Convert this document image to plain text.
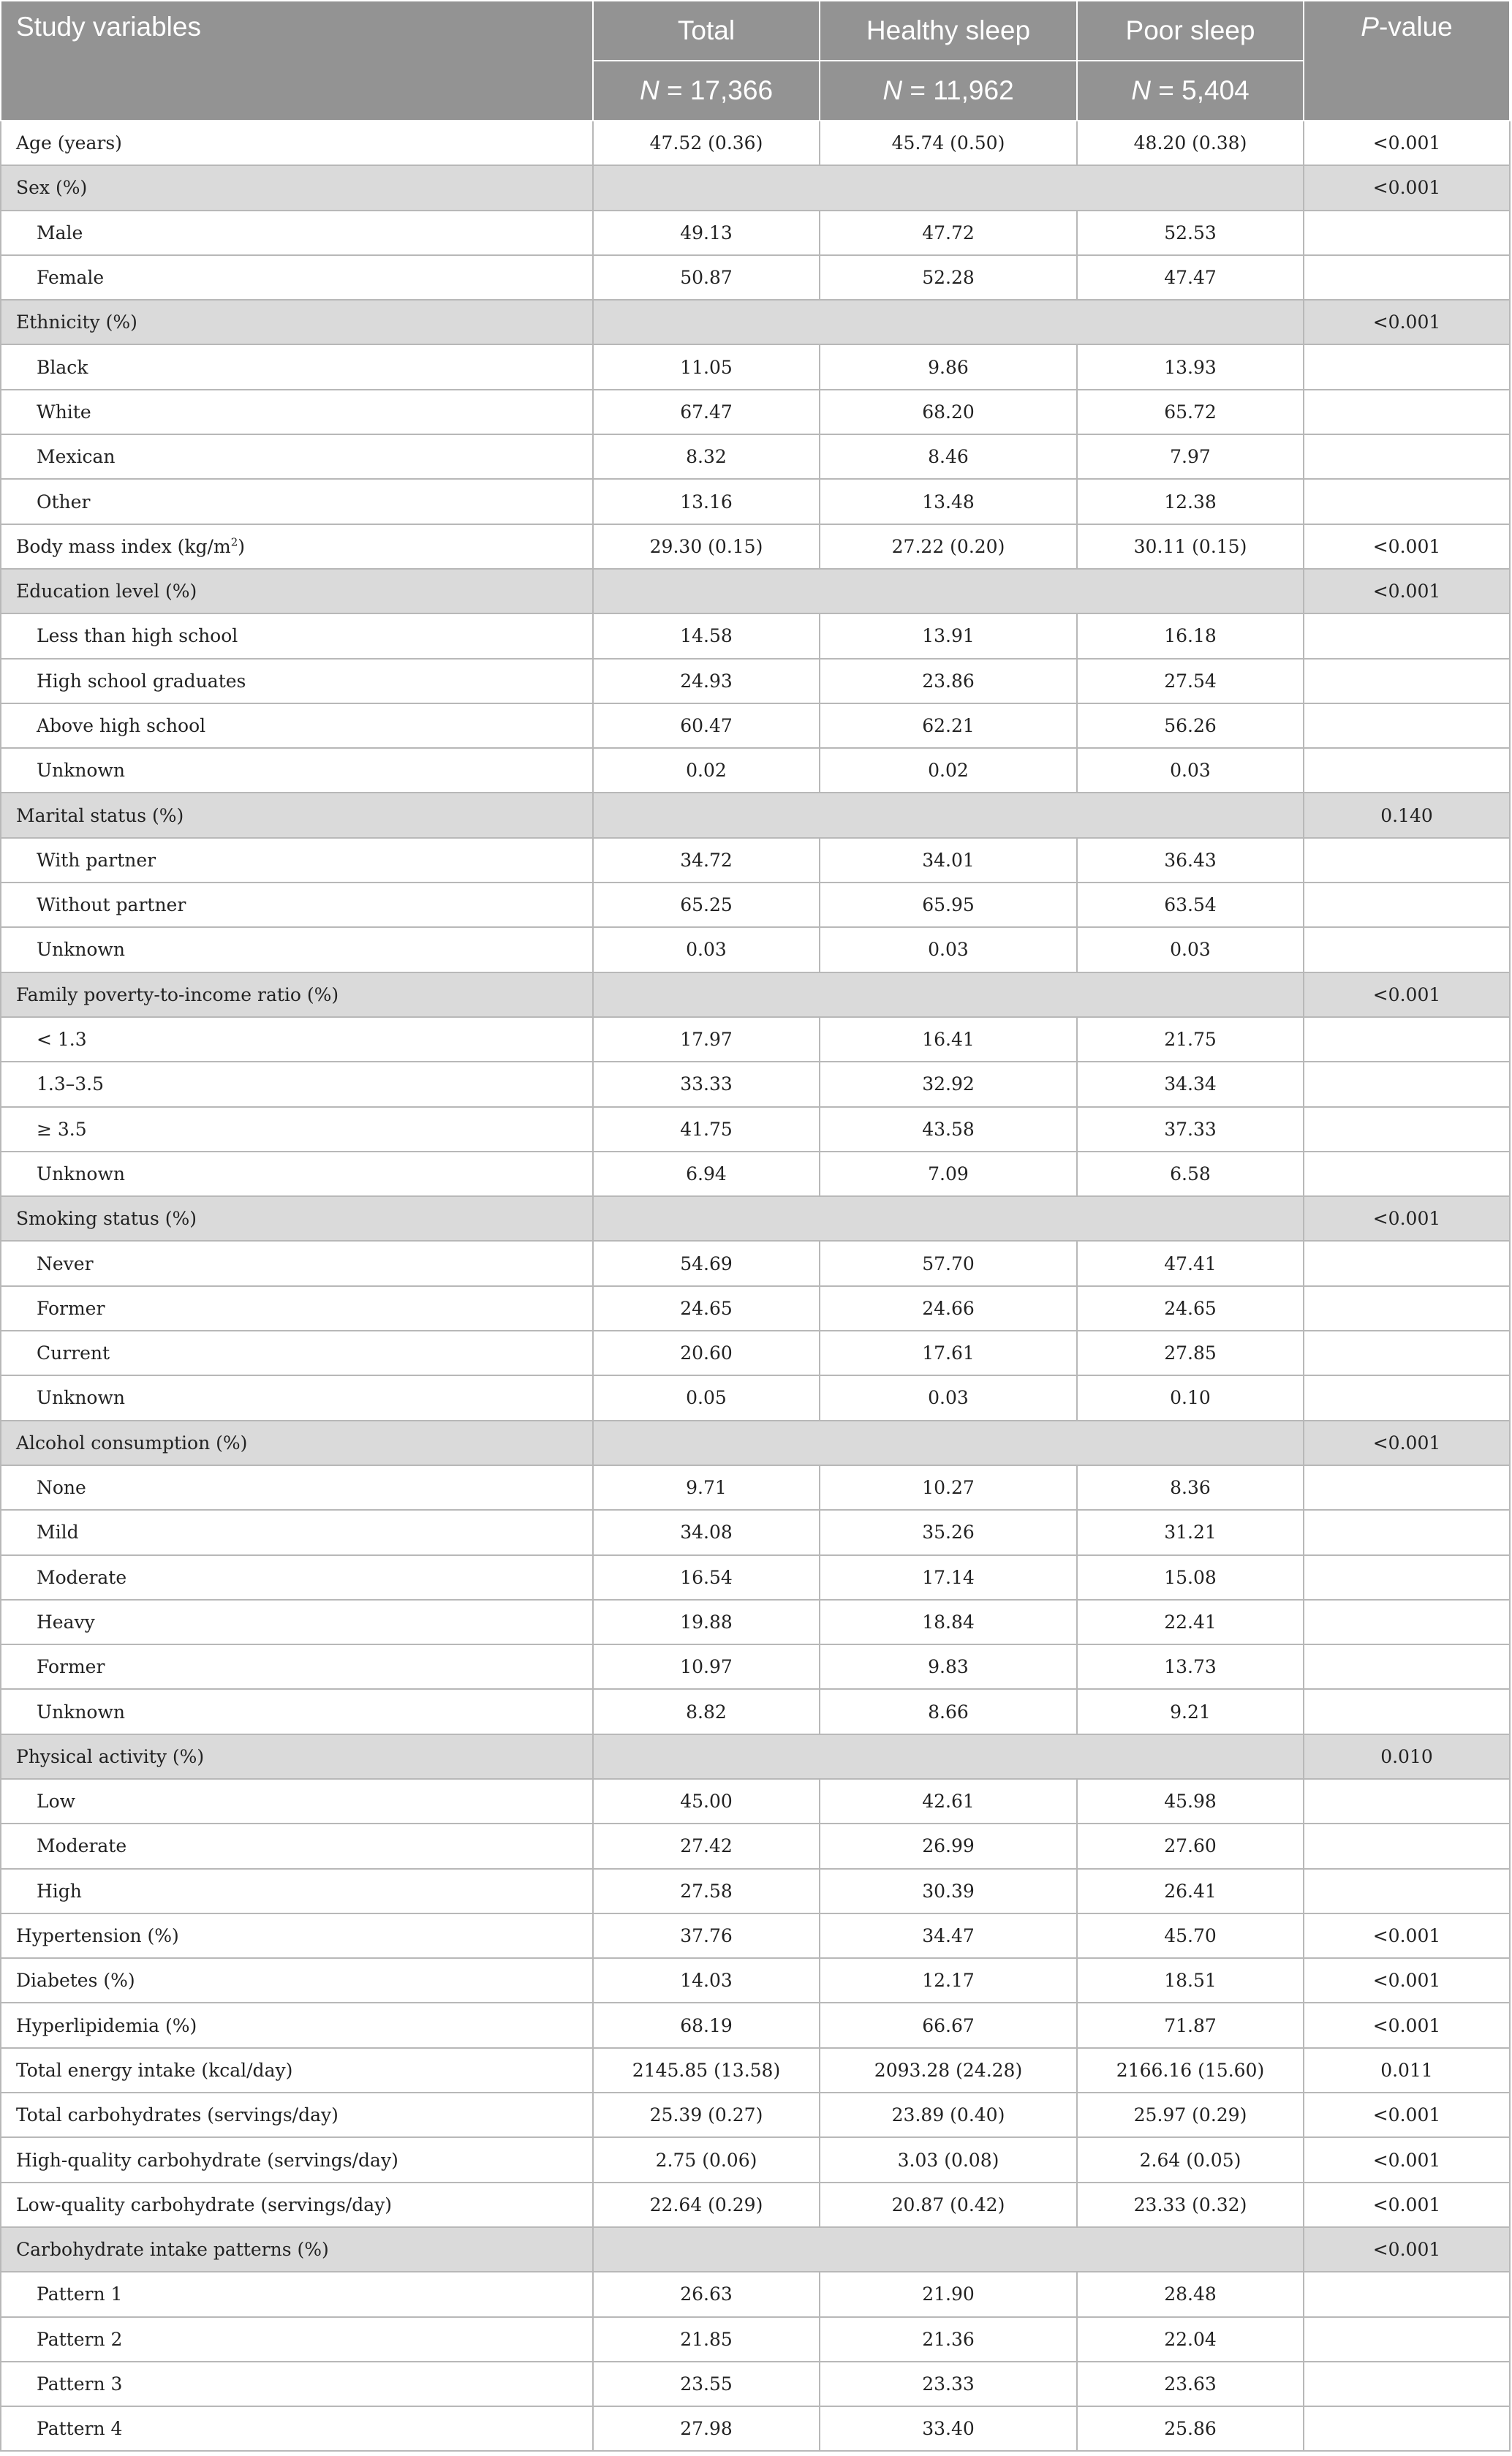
Study variables	Total	Healthy sleep	Poor sleep	P-value
	N = 17,366	N = 11,962	N = 5,404	
Age (years)	47.52 (0.36)	45.74 (0.50)	48.20 (0.38)	<0.001
Sex (%)				<0.001
Male	49.13	47.72	52.53	
Female	50.87	52.28	47.47	
Ethnicity (%)				<0.001
Black	11.05	9.86	13.93	
White	67.47	68.20	65.72	
Mexican	8.32	8.46	7.97	
Other	13.16	13.48	12.38	
Body mass index $(kg/m^2)$	29.30 (0.15)	27.22 (0.20)	30.11 (0.15)	<0.001
Education level (%)				<0.001
Less than high school	14.58	13.91	16.18	
High school graduates	24.93	23.86	27.54	
Above high school	60.47	62.21	56.26	
Unknown	0.02	0.02	0.03	
Marital status (%)				0.140
With partner	34.72	34.01	36.43	
Without partner	65.25	65.95	63.54	
Unknown	0.03	0.03	0.03	
Family poverty-to-income ratio (%)				<0.001
< 1.3	17.97	16.41	21.75	
1.3–3.5	33.33	32.92	34.34	
≥ 3.5	41.75	43.58	37.33	
Unknown	6.94	7.09	6.58	
Smoking status (%)				<0.001
Never	54.69	57.70	47.41	
Former	24.65	24.66	24.65	
Current	20.60	17.61	27.85	
Unknown	0.05	0.03	0.10	
Alcohol consumption (%)				<0.001
None	9.71	10.27	8.36	
Mild	34.08	35.26	31.21	
Moderate	16.54	17.14	15.08	
Heavy	19.88	18.84	22.41	
Former	10.97	9.83	13.73	
Unknown	8.82	8.66	9.21	
Physical activity (%)				0.010
Low	45.00	42.61	45.98	
Moderate	27.42	26.99	27.60	
High	27.58	30.39	26.41	
Hypertension (%)	37.76	34.47	45.70	<0.001
Diabetes (%)	14.03	12.17	18.51	<0.001
Hyperlipidemia (%)	68.19	66.67	71.87	<0.001
Total energy intake (kcal/day)	2145.85 (13.58)	2093.28 (24.28)	2166.16 (15.60)	0.011
Total carbohydrates (servings/day)	25.39 (0.27)	23.89 (0.40)	25.97 (0.29)	<0.001
High-quality carbohydrate (servings/day)	2.75 (0.06)	3.03 (0.08)	2.64 (0.05)	<0.001
Low-quality carbohydrate (servings/day)	22.64 (0.29)	20.87 (0.42)	23.33 (0.32)	<0.001
Carbohydrate intake patterns (%)				<0.001
Pattern 1	26.63	21.90	28.48	
Pattern 2	21.85	21.36	22.04	
Pattern 3	23.55	23.33	23.63	
Pattern 4	27.98	33.40	25.86	
